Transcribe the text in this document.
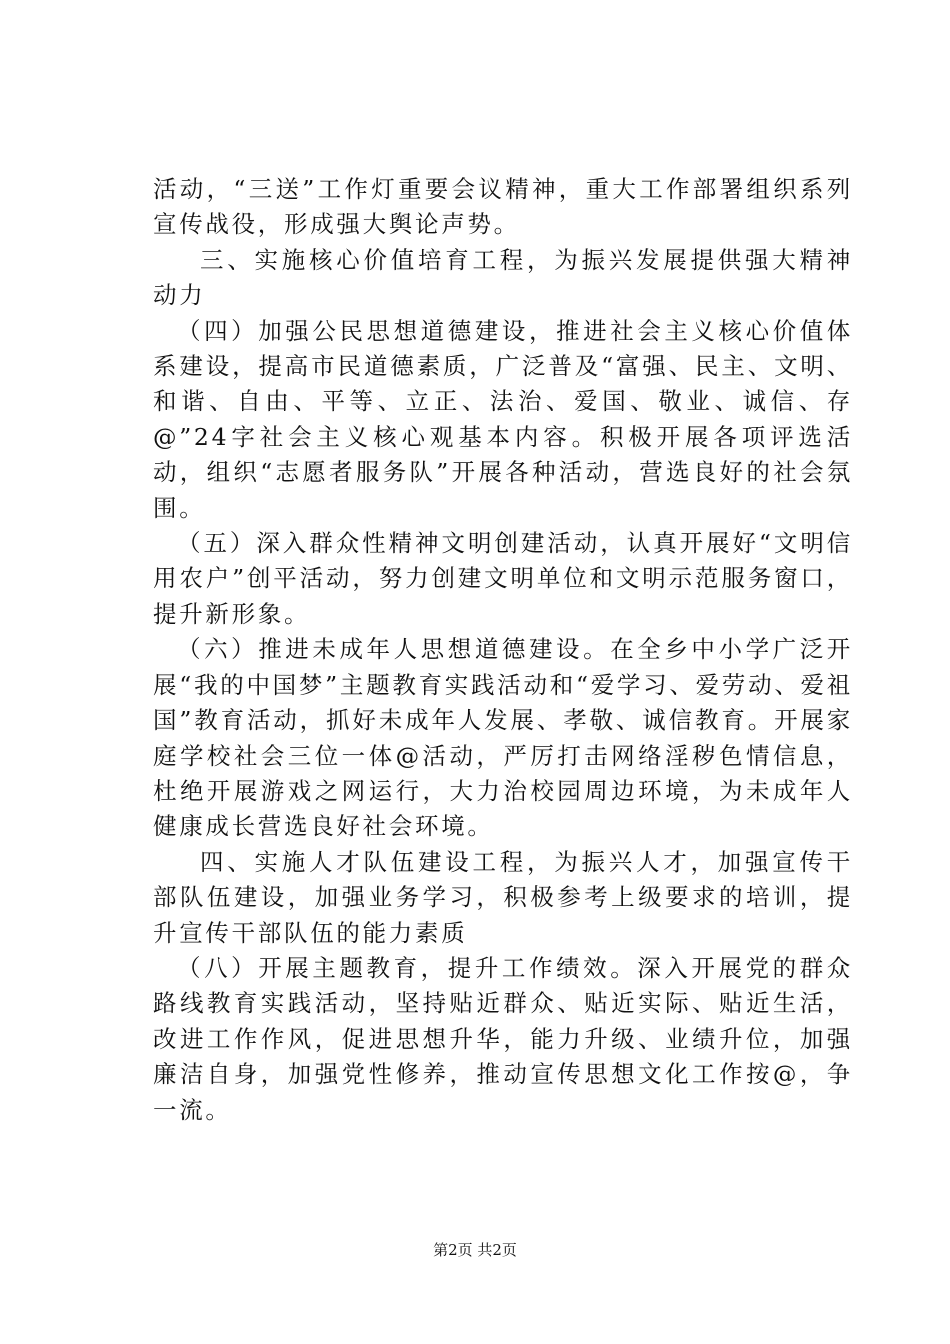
活动，“三送”工作灯重要会议精神，重大工作部署组织系列宣传战役，形成强大舆论声势。

三、实施核心价值培育工程，为振兴发展提供强大精神动力

（四）加强公民思想道德建设，推进社会主义核心价值体系建设，提高市民道德素质，广泛普及“富强、民主、文明、和谐、自由、平等、立正、法治、爱国、敬业、诚信、存@”24字社会主义核心观基本内容。积极开展各项评选活动，组织“志愿者服务队”开展各种活动，营选良好的社会氛围。

（五）深入群众性精神文明创建活动，认真开展好“文明信用农户”创平活动，努力创建文明单位和文明示范服务窗口，提升新形象。

（六）推进未成年人思想道德建设。在全乡中小学广泛开展“我的中国梦”主题教育实践活动和“爱学习、爱劳动、爱祖国”教育活动，抓好未成年人发展、孝敬、诚信教育。开展家庭学校社会三位一体@活动，严厉打击网络淫秽色情信息，杜绝开展游戏之网运行，大力治校园周边环境，为未成年人健康成长营选良好社会环境。

四、实施人才队伍建设工程，为振兴人才，加强宣传干部队伍建设，加强业务学习，积极参考上级要求的培训，提升宣传干部队伍的能力素质

（八）开展主题教育，提升工作绩效。深入开展党的群众路线教育实践活动，坚持贴近群众、贴近实际、贴近生活，改进工作作风，促进思想升华，能力升级、业绩升位，加强廉洁自身，加强党性修养，推动宣传思想文化工作按@，争一流。

第2页 共2页
